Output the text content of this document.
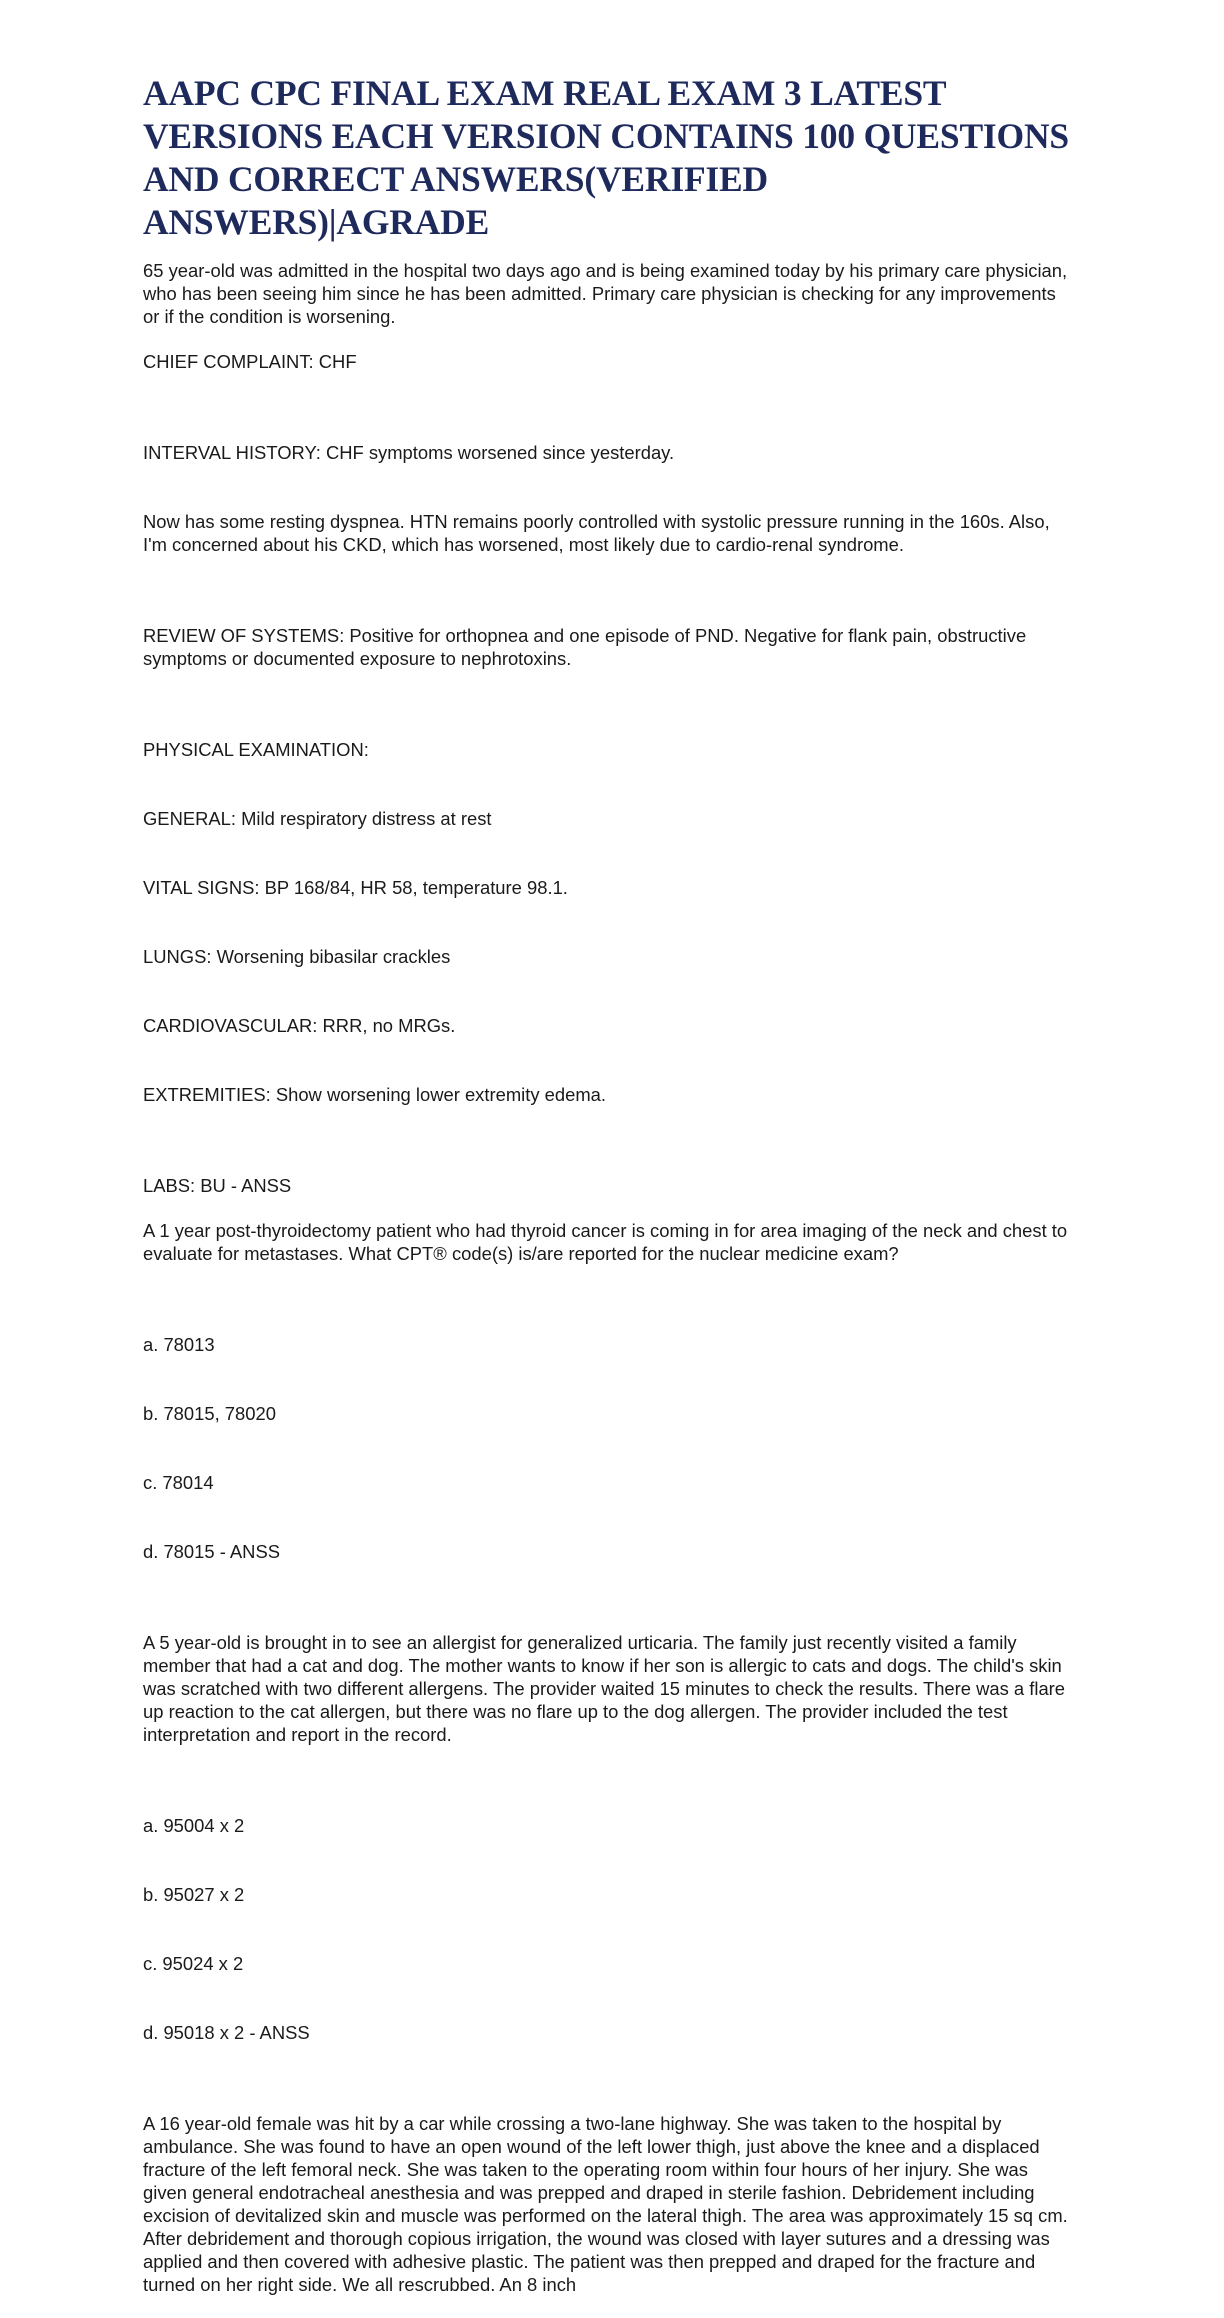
AAPC CPC FINAL EXAM REAL EXAM 3 LATEST VERSIONS EACH VERSION CONTAINS 100 QUESTIONS AND CORRECT ANSWERS(VERIFIED ANSWERS)|AGRADE

65 year-old was admitted in the hospital two days ago and is being examined today by his primary care physician, who has been seeing him since he has been admitted. Primary care physician is checking for any improvements or if the condition is worsening.

CHIEF COMPLAINT: CHF

INTERVAL HISTORY: CHF symptoms worsened since yesterday.

Now has some resting dyspnea. HTN remains poorly controlled with systolic pressure running in the 160s. Also, I'm concerned about his CKD, which has worsened, most likely due to cardio-renal syndrome.

REVIEW OF SYSTEMS: Positive for orthopnea and one episode of PND. Negative for flank pain, obstructive symptoms or documented exposure to nephrotoxins.

PHYSICAL EXAMINATION:

GENERAL: Mild respiratory distress at rest

VITAL SIGNS: BP 168/84, HR 58, temperature 98.1.

LUNGS: Worsening bibasilar crackles

CARDIOVASCULAR: RRR, no MRGs.

EXTREMITIES: Show worsening lower extremity edema.

LABS: BU - ANSS

A 1 year post-thyroidectomy patient who had thyroid cancer is coming in for area imaging of the neck and chest to evaluate for metastases. What CPT® code(s) is/are reported for the nuclear medicine exam?

a. 78013

b. 78015, 78020

c. 78014

d. 78015 - ANSS

A 5 year-old is brought in to see an allergist for generalized urticaria. The family just recently visited a family member that had a cat and dog. The mother wants to know if her son is allergic to cats and dogs. The child's skin was scratched with two different allergens. The provider waited 15 minutes to check the results. There was a flare up reaction to the cat allergen, but there was no flare up to the dog allergen. The provider included the test interpretation and report in the record.

a. 95004 x 2

b. 95027 x 2

c. 95024 x 2

d. 95018 x 2 - ANSS

A 16 year-old female was hit by a car while crossing a two-lane highway. She was taken to the hospital by ambulance. She was found to have an open wound of the left lower thigh, just above the knee and a displaced fracture of the left femoral neck. She was taken to the operating room within four hours of her injury. She was given general endotracheal anesthesia and was prepped and draped in sterile fashion. Debridement including excision of devitalized skin and muscle was performed on the lateral thigh. The area was approximately 15 sq cm. After debridement and thorough copious irrigation, the wound was closed with layer sutures and a dressing was applied and then covered with adhesive plastic. The patient was then prepped and draped for the fracture and turned on her right side. We all rescrubbed. An 8 inch
